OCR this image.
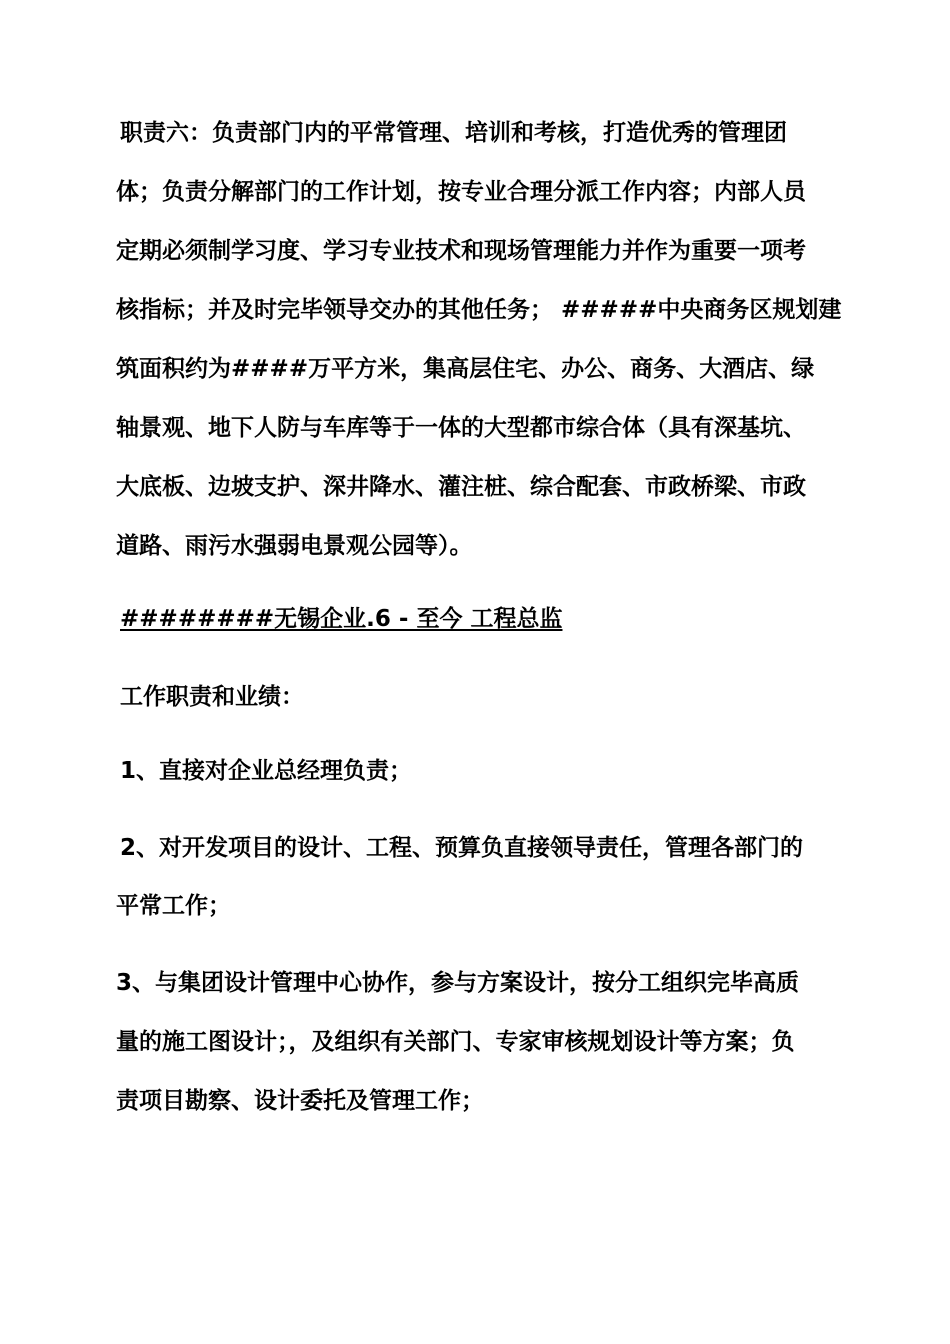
职责六：负责部门内的平常管理、培训和考核，打造优秀的管理团
体；负责分解部门的工作计划，按专业合理分派工作内容；内部人员
定期必须制学习度、学习专业技术和现场管理能力并作为重要一项考
核指标；并及时完毕领导交办的其他任务； #####中央商务区规划建
筑面积约为####万平方米，集高层住宅、办公、商务、大酒店、绿
轴景观、地下人防与车库等于一体的大型都市综合体（具有深基坑、
大底板、边坡支护、深井降水、灌注桩、综合配套、市政桥梁、市政
道路、雨污水强弱电景观公园等）。
########无锡企业.6 - 至今 工程总监
工作职责和业绩：
1、直接对企业总经理负责；
2、对开发项目的设计、工程、预算负直接领导责任，管理各部门的
平常工作；
3、与集团设计管理中心协作，参与方案设计，按分工组织完毕高质
量的施工图设计；，及组织有关部门、专家审核规划设计等方案；负
责项目勘察、设计委托及管理工作；
